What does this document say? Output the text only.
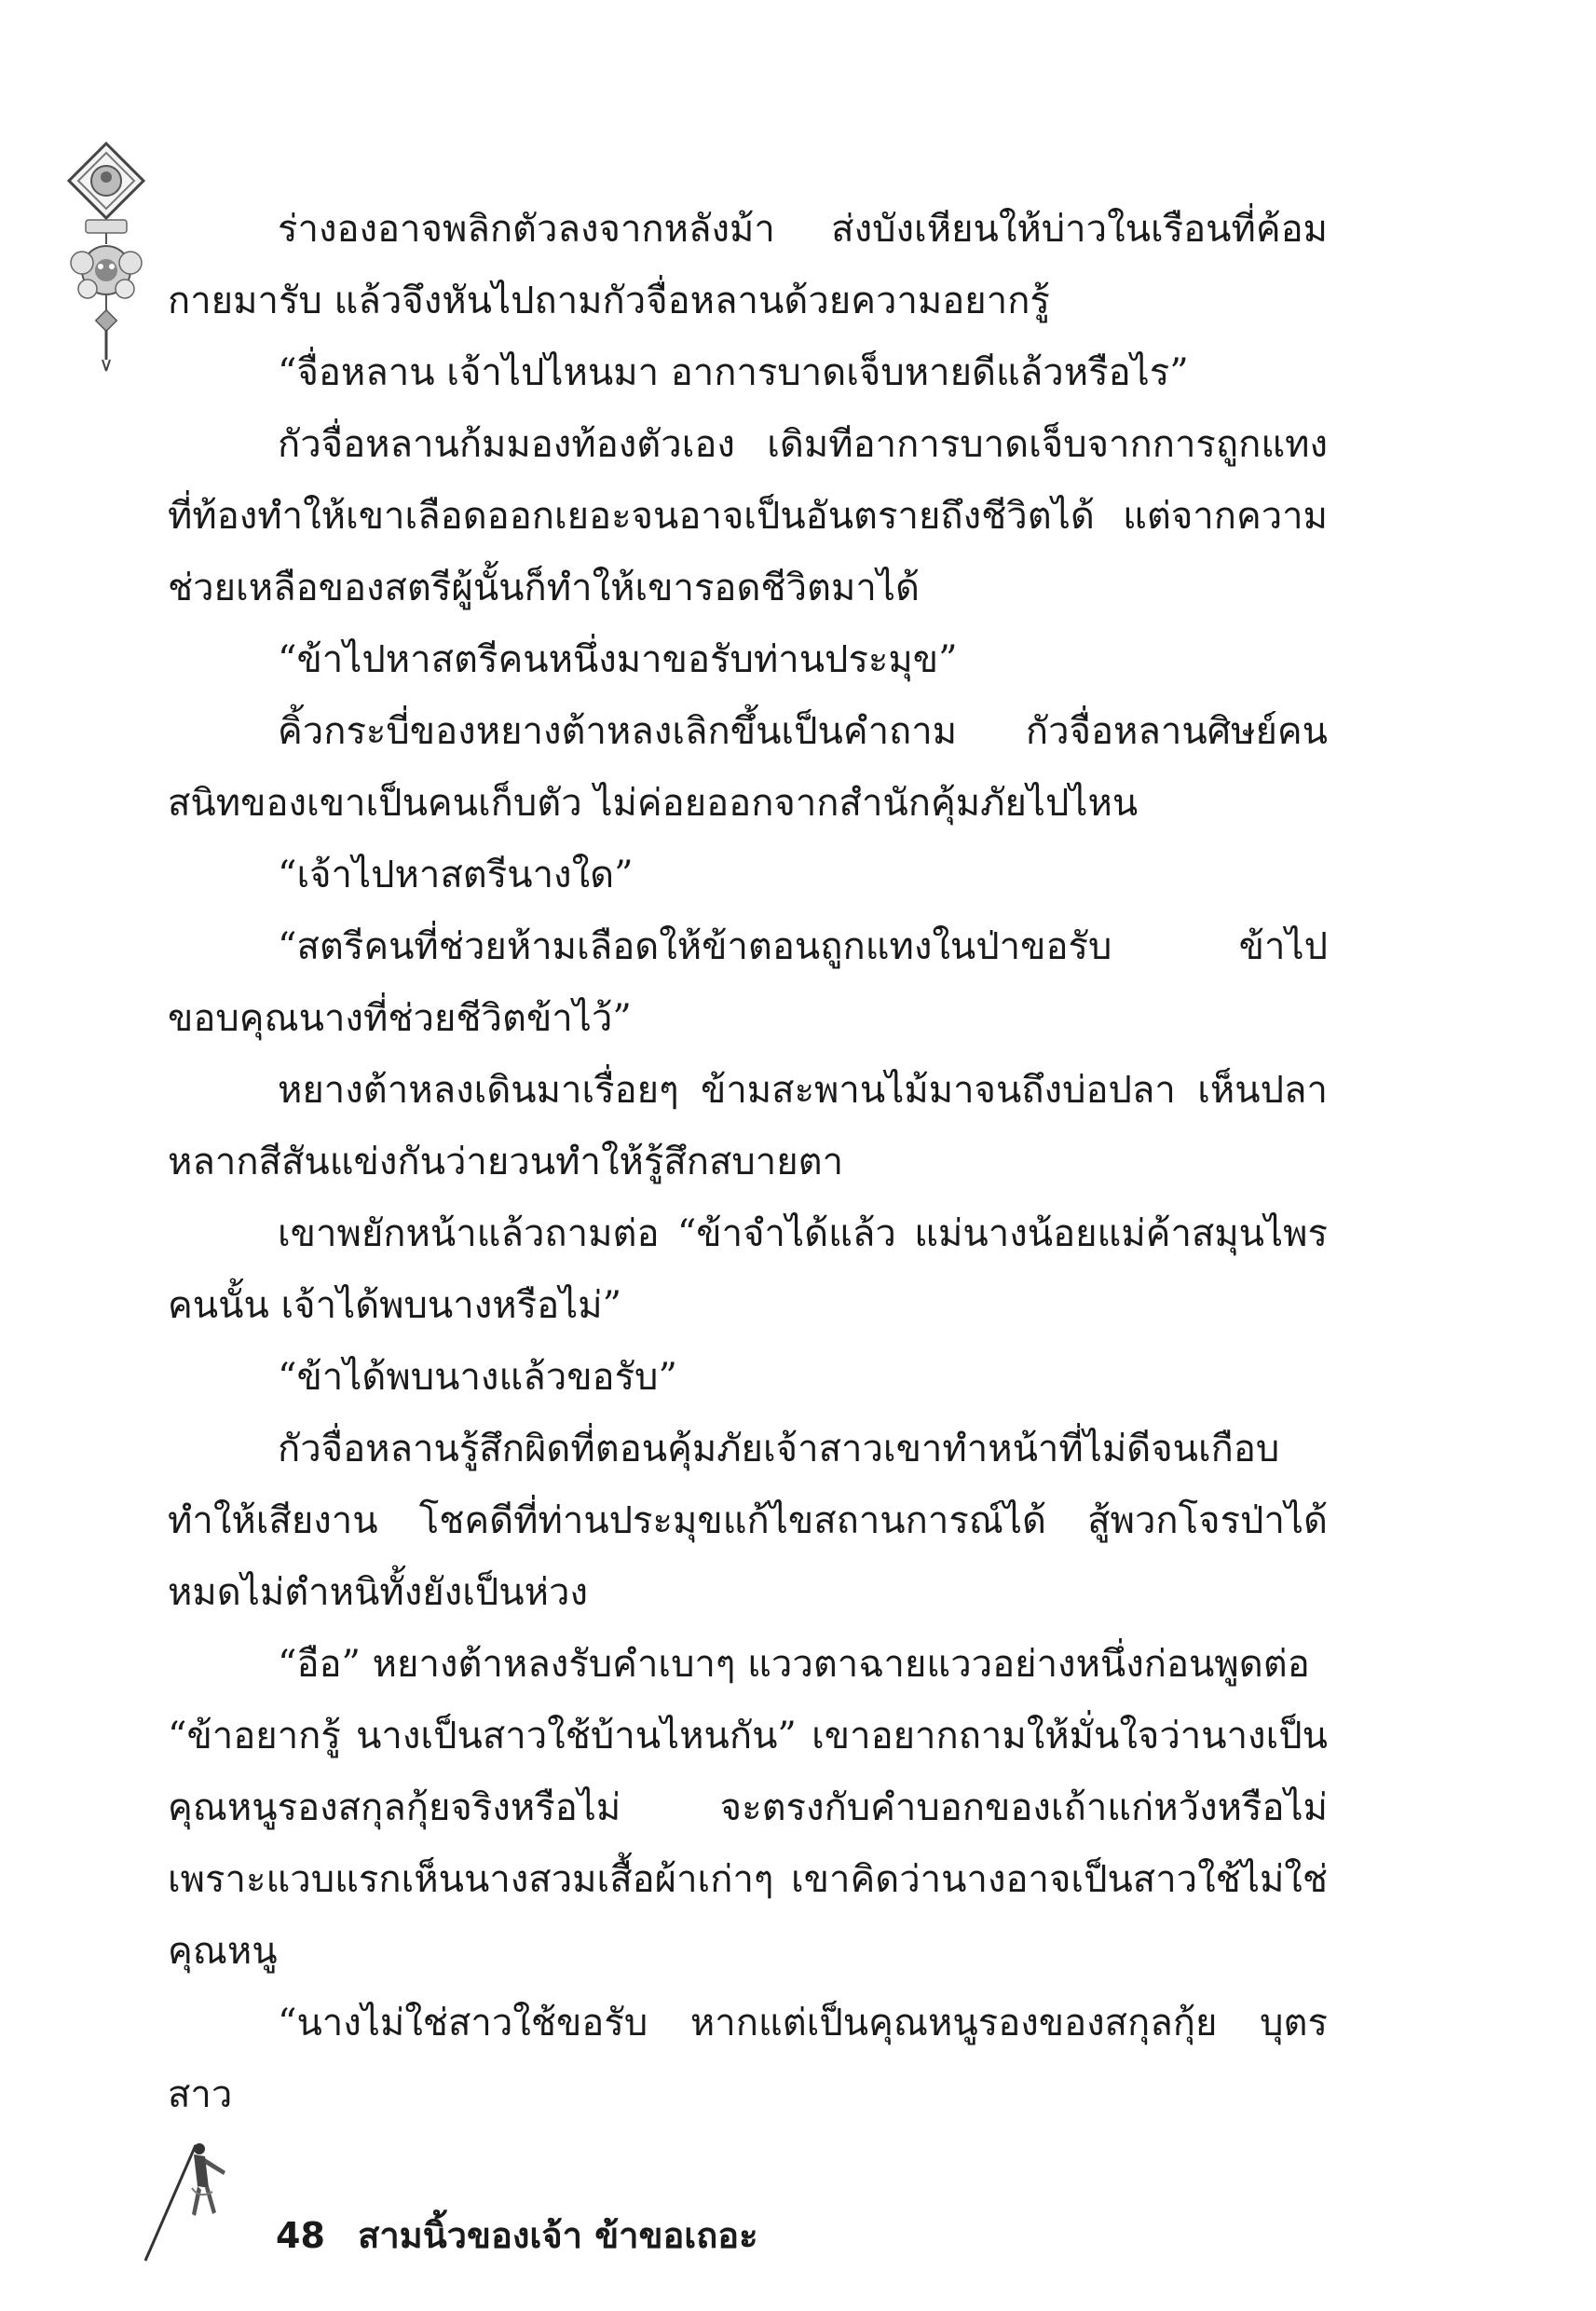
ร่างองอาจพลิกตัวลงจากหลังม้า ส่งบังเหียนให้บ่าวในเรือนที่ค้อมกายมารับ แล้วจึงหันไปถามกัวจื่อหลานด้วยความอยากรู้

“จื่อหลาน เจ้าไปไหนมา อาการบาดเจ็บหายดีแล้วหรือไร”

กัวจื่อหลานก้มมองท้องตัวเอง เดิมทีอาการบาดเจ็บจากการถูกแทงที่ท้องทำให้เขาเลือดออกเยอะจนอาจเป็นอันตรายถึงชีวิตได้ แต่จากความช่วยเหลือของสตรีผู้นั้นก็ทำให้เขารอดชีวิตมาได้

“ข้าไปหาสตรีคนหนึ่งมาขอรับท่านประมุข”

คิ้วกระบี่ของหยางต้าหลงเลิกขึ้นเป็นคำถาม กัวจื่อหลานศิษย์คนสนิทของเขาเป็นคนเก็บตัว ไม่ค่อยออกจากสำนักคุ้มภัยไปไหน

“เจ้าไปหาสตรีนางใด”

“สตรีคนที่ช่วยห้ามเลือดให้ข้าตอนถูกแทงในป่าขอรับ ข้าไปขอบคุณนางที่ช่วยชีวิตข้าไว้”

หยางต้าหลงเดินมาเรื่อยๆ ข้ามสะพานไม้มาจนถึงบ่อปลา เห็นปลาหลากสีสันแข่งกันว่ายวนทำให้รู้สึกสบายตา

เขาพยักหน้าแล้วถามต่อ “ข้าจำได้แล้ว แม่นางน้อยแม่ค้าสมุนไพรคนนั้น เจ้าได้พบนางหรือไม่”

“ข้าได้พบนางแล้วขอรับ”

กัวจื่อหลานรู้สึกผิดที่ตอนคุ้มภัยเจ้าสาวเขาทำหน้าที่ไม่ดีจนเกือบทำให้เสียงาน โชคดีที่ท่านประมุขแก้ไขสถานการณ์ได้ สู้พวกโจรป่าได้หมดไม่ตำหนิทั้งยังเป็นห่วง

“อือ” หยางต้าหลงรับคำเบาๆ แววตาฉายแววอย่างหนึ่งก่อนพูดต่อ

“ข้าอยากรู้ นางเป็นสาวใช้บ้านไหนกัน” เขาอยากถามให้มั่นใจว่านางเป็นคุณหนูรองสกุลกุ้ยจริงหรือไม่ จะตรงกับคำบอกของเถ้าแก่หวังหรือไม่ เพราะแวบแรกเห็นนางสวมเสื้อผ้าเก่าๆ เขาคิดว่านางอาจเป็นสาวใช้ไม่ใช่คุณหนู

“นางไม่ใช่สาวใช้ขอรับ หากแต่เป็นคุณหนูรองของสกุลกุ้ย บุตรสาว

48 สามนิ้วของเจ้า ข้าขอเถอะ
